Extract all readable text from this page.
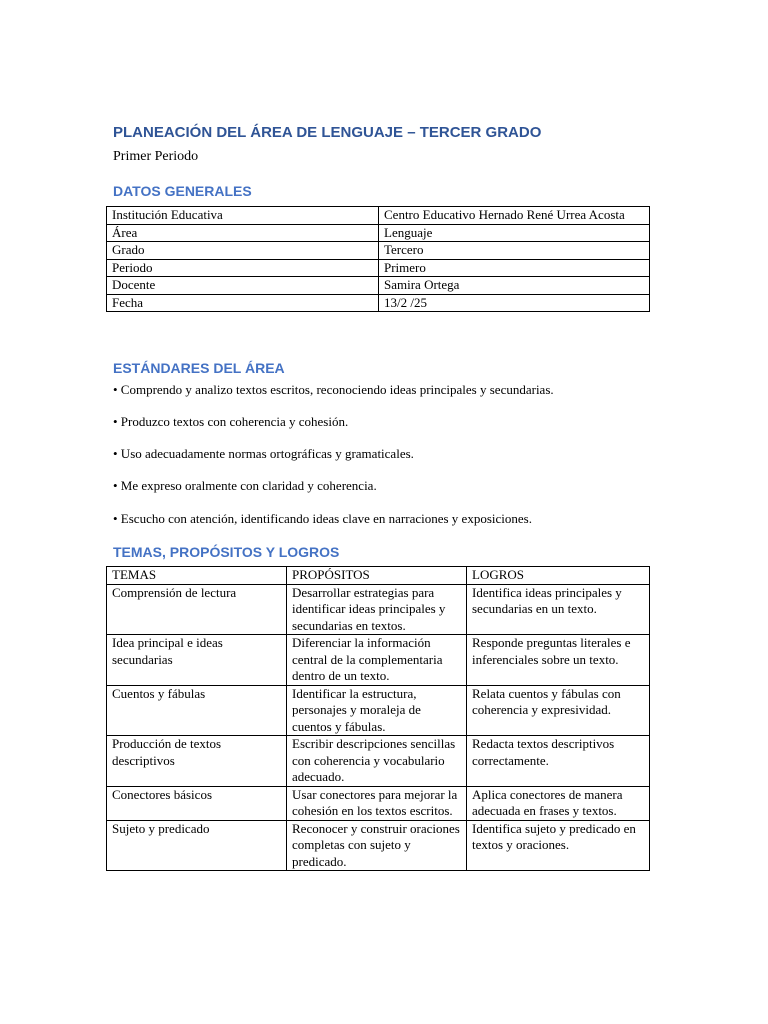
PLANEACIÓN DEL ÁREA DE LENGUAJE – TERCER GRADO
Primer Periodo
DATOS GENERALES
Institución Educativa	Centro Educativo Hernado René Urrea Acosta
Área	Lenguaje
Grado	Tercero
Periodo	Primero
Docente	Samira Ortega
Fecha	13/2 /25
ESTÁNDARES DEL ÁREA
• Comprendo y analizo textos escritos, reconociendo ideas principales y secundarias.
• Produzco textos con coherencia y cohesión.
• Uso adecuadamente normas ortográficas y gramaticales.
• Me expreso oralmente con claridad y coherencia.
• Escucho con atención, identificando ideas clave en narraciones y exposiciones.
TEMAS, PROPÓSITOS Y LOGROS
TEMAS	PROPÓSITOS	LOGROS
Comprensión de lectura	Desarrollar estrategias para identificar ideas principales y secundarias en textos.	Identifica ideas principales y secundarias en un texto.
Idea principal e ideas secundarias	Diferenciar la información central de la complementaria dentro de un texto.	Responde preguntas literales e inferenciales sobre un texto.
Cuentos y fábulas	Identificar la estructura, personajes y moraleja de cuentos y fábulas.	Relata cuentos y fábulas con coherencia y expresividad.
Producción de textos descriptivos	Escribir descripciones sencillas con coherencia y vocabulario adecuado.	Redacta textos descriptivos correctamente.
Conectores básicos	Usar conectores para mejorar la cohesión en los textos escritos.	Aplica conectores de manera adecuada en frases y textos.
Sujeto y predicado	Reconocer y construir oraciones completas con sujeto y predicado.	Identifica sujeto y predicado en textos y oraciones.
